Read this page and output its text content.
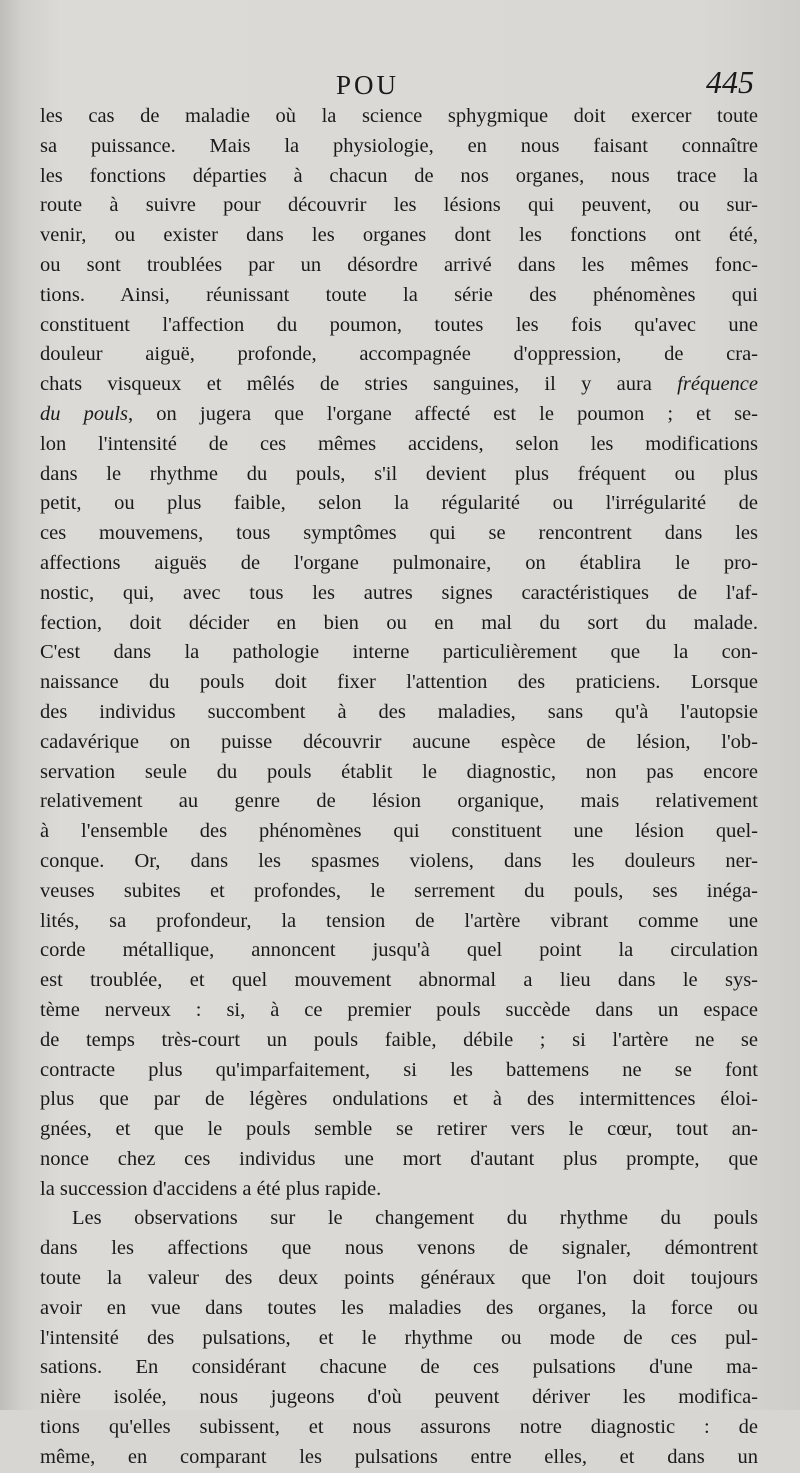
POU	445
les cas de maladie où la science sphygmique doit exercer toute
sa puissance. Mais la physiologie, en nous faisant connaître
les fonctions départies à chacun de nos organes, nous trace la
route à suivre pour découvrir les lésions qui peuvent, ou sur-
venir, ou exister dans les organes dont les fonctions ont été,
ou sont troublées par un désordre arrivé dans les mêmes fonc-
tions. Ainsi, réunissant toute la série des phénomènes qui
constituent l'affection du poumon, toutes les fois qu'avec une
douleur aiguë, profonde, accompagnée d'oppression, de cra-
chats visqueux et mêlés de stries sanguines, il y aura fréquence
du pouls, on jugera que l'organe affecté est le poumon ; et se-
lon l'intensité de ces mêmes accidens, selon les modifications
dans le rhythme du pouls, s'il devient plus fréquent ou plus
petit, ou plus faible, selon la régularité ou l'irrégularité de
ces mouvemens, tous symptômes qui se rencontrent dans les
affections aiguës de l'organe pulmonaire, on établira le pro-
nostic, qui, avec tous les autres signes caractéristiques de l'af-
fection, doit décider en bien ou en mal du sort du malade.
C'est dans la pathologie interne particulièrement que la con-
naissance du pouls doit fixer l'attention des praticiens. Lorsque
des individus succombent à des maladies, sans qu'à l'autopsie
cadavérique on puisse découvrir aucune espèce de lésion, l'ob-
servation seule du pouls établit le diagnostic, non pas encore
relativement au genre de lésion organique, mais relativement
à l'ensemble des phénomènes qui constituent une lésion quel-
conque. Or, dans les spasmes violens, dans les douleurs ner-
veuses subites et profondes, le serrement du pouls, ses inéga-
lités, sa profondeur, la tension de l'artère vibrant comme une
corde métallique, annoncent jusqu'à quel point la circulation
est troublée, et quel mouvement abnormal a lieu dans le sys-
tème nerveux : si, à ce premier pouls succède dans un espace
de temps très-court un pouls faible, débile ; si l'artère ne se
contracte plus qu'imparfaitement, si les battemens ne se font
plus que par de légères ondulations et à des intermittences éloi-
gnées, et que le pouls semble se retirer vers le cœur, tout an-
nonce chez ces individus une mort d'autant plus prompte, que
la succession d'accidens a été plus rapide.
Les observations sur le changement du rhythme du pouls
dans les affections que nous venons de signaler, démontrent
toute la valeur des deux points généraux que l'on doit toujours
avoir en vue dans toutes les maladies des organes, la force ou
l'intensité des pulsations, et le rhythme ou mode de ces pul-
sations. En considérant chacune de ces pulsations d'une ma-
nière isolée, nous jugeons d'où peuvent dériver les modifica-
tions qu'elles subissent, et nous assurons notre diagnostic : de
même, en comparant les pulsations entre elles, et dans un
